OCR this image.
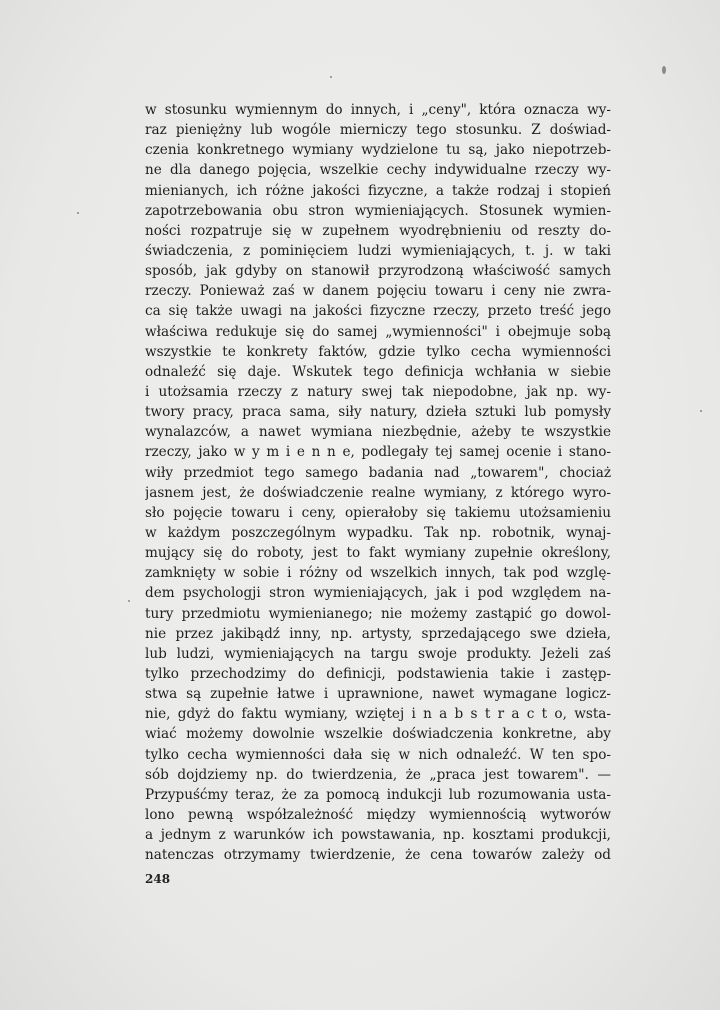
w stosunku wymiennym do innych, i „ceny", która oznacza wy-
raz pieniężny lub wogóle mierniczy tego stosunku. Z doświad-
czenia konkretnego wymiany wydzielone tu są, jako niepotrzeb-
ne dla danego pojęcia, wszelkie cechy indywidualne rzeczy wy-
mienianych, ich różne jakości fizyczne, a także rodzaj i stopień
zapotrzebowania obu stron wymieniających. Stosunek wymien-
ności rozpatruje się w zupełnem wyodrębnieniu od reszty do-
świadczenia, z pominięciem ludzi wymieniających, t. j. w taki
sposób, jak gdyby on stanowił przyrodzoną właściwość samych
rzeczy. Ponieważ zaś w danem pojęciu towaru i ceny nie zwra-
ca się także uwagi na jakości fizyczne rzeczy, przeto treść jego
właściwa redukuje się do samej „wymienności" i obejmuje sobą
wszystkie te konkrety faktów, gdzie tylko cecha wymienności
odnaleźć się daje. Wskutek tego definicja wchłania w siebie
i utożsamia rzeczy z natury swej tak niepodobne, jak np. wy-
twory pracy, praca sama, siły natury, dzieła sztuki lub pomysły
wynalazców, a nawet wymiana niezbędnie, ażeby te wszystkie
rzeczy, jako w y m i e n n e, podlegały tej samej ocenie i stano-
wiły przedmiot tego samego badania nad „towarem", chociaż
jasnem jest, że doświadczenie realne wymiany, z którego wyro-
sło pojęcie towaru i ceny, opierałoby się takiemu utożsamieniu
w każdym poszczególnym wypadku. Tak np. robotnik, wynaj-
mujący się do roboty, jest to fakt wymiany zupełnie określony,
zamknięty w sobie i różny od wszelkich innych, tak pod wzglę-
dem psychologji stron wymieniających, jak i pod względem na-
tury przedmiotu wymienianego; nie możemy zastąpić go dowol-
nie przez jakibądź inny, np. artysty, sprzedającego swe dzieła,
lub ludzi, wymieniających na targu swoje produkty. Jeżeli zaś
tylko przechodzimy do definicji, podstawienia takie i zastęp-
stwa są zupełnie łatwe i uprawnione, nawet wymagane logicz-
nie, gdyż do faktu wymiany, wziętej i n a b s t r a c t o, wsta-
wiać możemy dowolnie wszelkie doświadczenia konkretne, aby
tylko cecha wymienności dała się w nich odnaleźć. W ten spo-
sób dojdziemy np. do twierdzenia, że „praca jest towarem". —
Przypuśćmy teraz, że za pomocą indukcji lub rozumowania usta-
lono pewną współzależność między wymiennością wytworów
a jednym z warunków ich powstawania, np. kosztami produkcji,
natenczas otrzymamy twierdzenie, że cena towarów zależy od
248
